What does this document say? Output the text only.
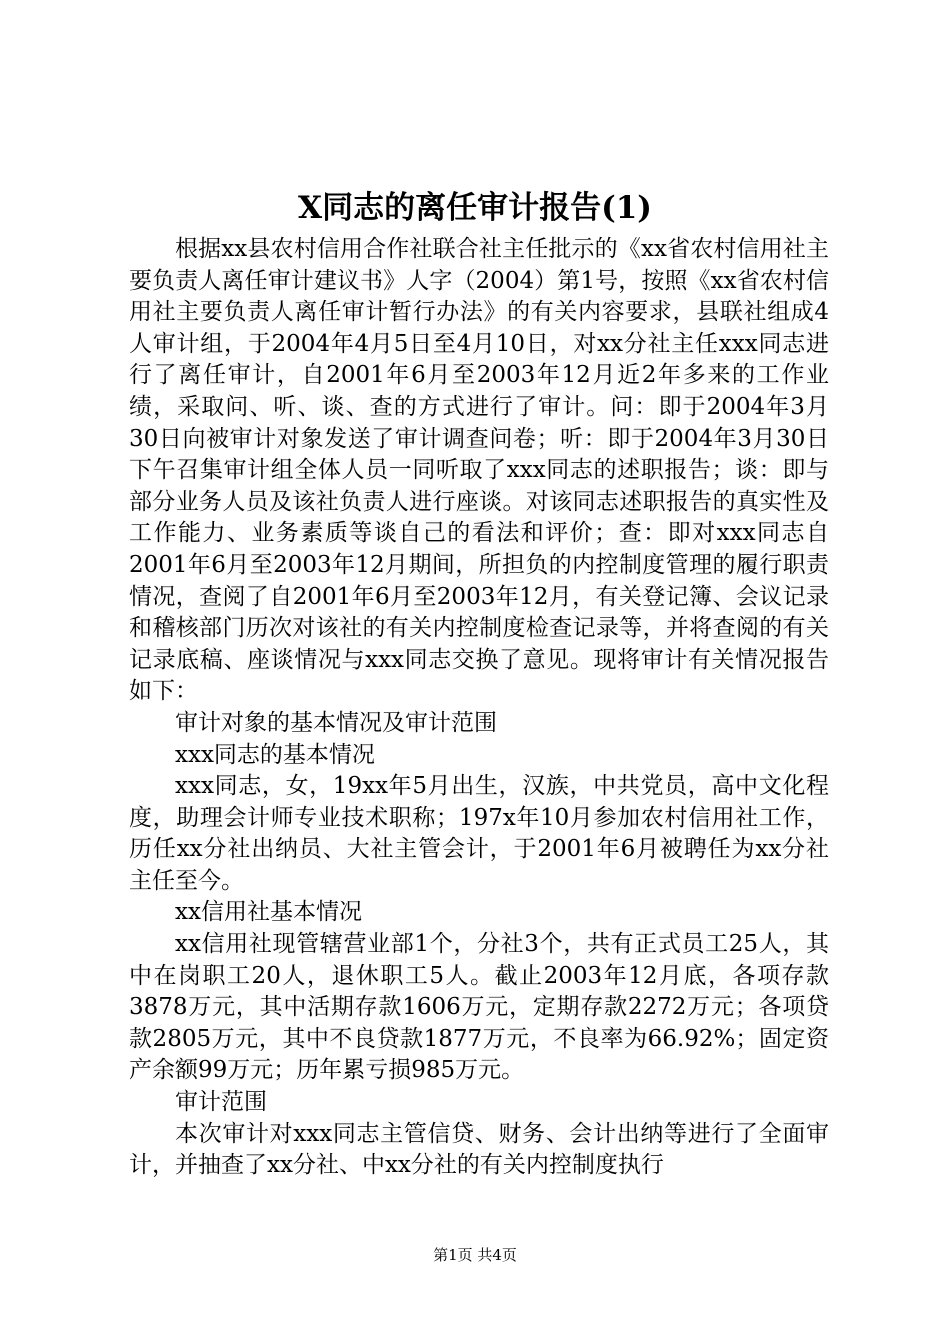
X同志的离任审计报告(1)

根据xx县农村信用合作社联合社主任批示的《xx省农村信用社主要负责人离任审计建议书》人字（2004）第1号，按照《xx省农村信用社主要负责人离任审计暂行办法》的有关内容要求，县联社组成4人审计组，于2004年4月5日至4月10日，对xx分社主任xxx同志进行了离任审计，自2001年6月至2003年12月近2年多来的工作业绩，采取问、听、谈、查的方式进行了审计。问：即于2004年3月30日向被审计对象发送了审计调查问卷；听：即于2004年3月30日下午召集审计组全体人员一同听取了xxx同志的述职报告；谈：即与部分业务人员及该社负责人进行座谈。对该同志述职报告的真实性及工作能力、业务素质等谈自己的看法和评价；查：即对xxx同志自2001年6月至2003年12月期间，所担负的内控制度管理的履行职责情况，查阅了自2001年6月至2003年12月，有关登记簿、会议记录和稽核部门历次对该社的有关内控制度检查记录等，并将查阅的有关记录底稿、座谈情况与xxx同志交换了意见。现将审计有关情况报告如下：

审计对象的基本情况及审计范围

xxx同志的基本情况

xxx同志，女，19xx年5月出生，汉族，中共党员，高中文化程度，助理会计师专业技术职称；197x年10月参加农村信用社工作，历任xx分社出纳员、大社主管会计，于2001年6月被聘任为xx分社主任至今。

xx信用社基本情况

xx信用社现管辖营业部1个，分社3个，共有正式员工25人，其中在岗职工20人，退休职工5人。截止2003年12月底，各项存款3878万元，其中活期存款1606万元，定期存款2272万元；各项贷款2805万元，其中不良贷款1877万元，不良率为66.92%；固定资产余额99万元；历年累亏损985万元。

审计范围

本次审计对xxx同志主管信贷、财务、会计出纳等进行了全面审计，并抽查了xx分社、中xx分社的有关内控制度执行

第1页 共4页
